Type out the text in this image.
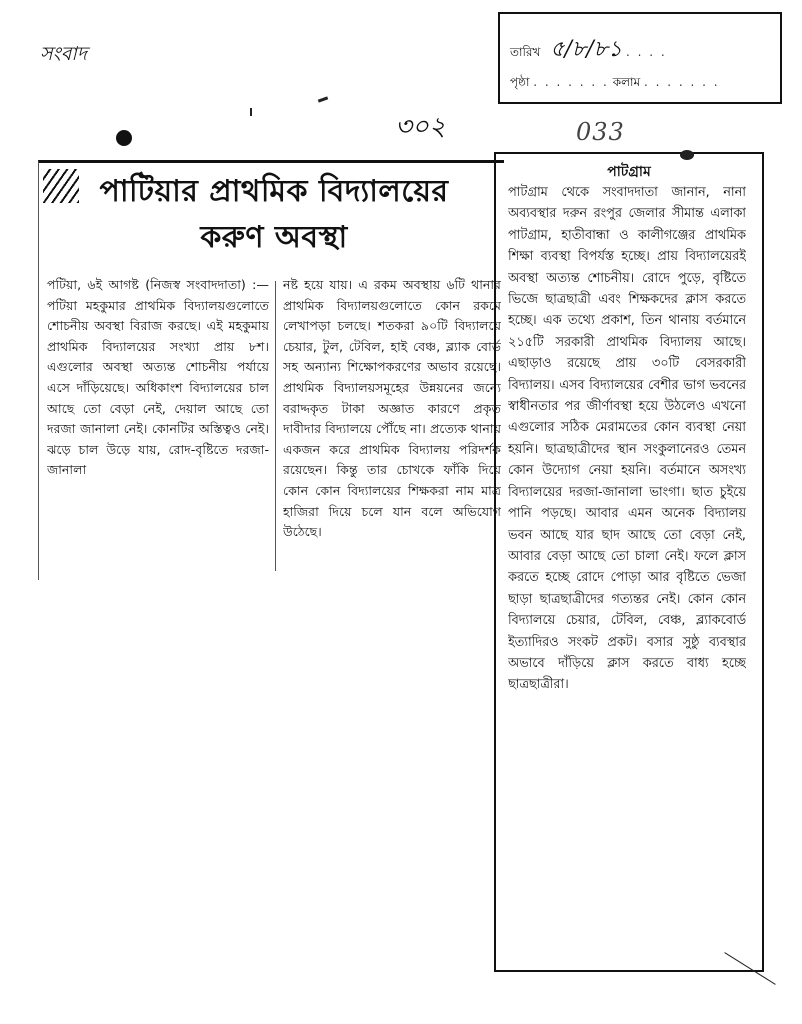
সংবাদ
৩০২	033
তারিখ ৫/৮/৮১ . . . .
পৃষ্ঠা . . . . . . . কলাম . . . . . . .
পাটিয়ার প্রাথমিক বিদ্যালয়ের করুণ অবস্থা
পটিয়া, ৬ই আগষ্ট (নিজস্ব সংবাদদাতা) :—পটিয়া মহকুমার প্রাথমিক বিদ্যালয়গুলোতে শোচনীয় অবস্থা বিরাজ করছে। এই মহকুমায় প্রাথমিক বিদ্যালয়ের সংখ্যা প্রায় ৮শ। এগুলোর অবস্থা অত্যন্ত শোচনীয় পর্যায়ে এসে দাঁড়িয়েছে। অধিকাংশ বিদ্যালয়ের চাল আছে তো বেড়া নেই, দেয়াল আছে তো দরজা জানালা নেই। কোনটির অস্তিত্বও নেই। ঝড়ে চাল উড়ে যায়, রোদ-বৃষ্টিতে দরজা-জানালা
নষ্ট হয়ে যায়। এ রকম অবস্থায় ৬টি থানার প্রাথমিক বিদ্যালয়গুলোতে কোন রকমে লেখাপড়া চলছে। শতকরা ৯০টি বিদ্যালয়ে চেয়ার, টুল, টেবিল, হাই বেঞ্চ, ব্ল্যাক বোর্ড সহ অন্যান্য শিক্ষোপকরণের অভাব রয়েছে। প্রাথমিক বিদ্যালয়সমূহের উন্নয়নের জন্যে বরাদ্দকৃত টাকা অজ্ঞাত কারণে প্রকৃত দাবীদার বিদ্যালয়ে পৌঁছে না। প্রত্যেক থানায় একজন করে প্রাথমিক বিদ্যালয় পরিদর্শক রয়েছেন। কিন্তু তার চোখকে ফাঁকি দিয়ে কোন কোন বিদ্যালয়ের শিক্ষকরা নাম মাত্র হাজিরা দিয়ে চলে যান বলে অভিযোগ উঠেছে।
পাটগ্রাম
পাটগ্রাম থেকে সংবাদদাতা জানান, নানা অব্যবস্থার দরুন রংপুর জেলার সীমান্ত এলাকা পাটগ্রাম, হাতীবান্ধা ও কালীগঞ্জের প্রাথমিক শিক্ষা ব্যবস্থা বিপর্যস্ত হচ্ছে। প্রায় বিদ্যালয়েরই অবস্থা অত্যন্ত শোচনীয়। রোদে পুড়ে, বৃষ্টিতে ভিজে ছাত্রছাত্রী এবং শিক্ষকদের ক্লাস করতে হচ্ছে। এক তথ্যে প্রকাশ, তিন থানায় বর্তমানে ২১৫টি সরকারী প্রাথমিক বিদ্যালয় আছে। এছাড়াও রয়েছে প্রায় ৩০টি বেসরকারী বিদ্যালয়। এসব বিদ্যালয়ের বেশীর ভাগ ভবনের স্বাধীনতার পর জীর্ণাবস্থা হয়ে উঠলেও এখনো এগুলোর সঠিক মেরামতের কোন ব্যবস্থা নেয়া হয়নি। ছাত্রছাত্রীদের স্থান সংকুলানেরও তেমন কোন উদ্যোগ নেয়া হয়নি। বর্তমানে অসংখ্য বিদ্যালয়ের দরজা-জানালা ভাংগা। ছাত চুইয়ে পানি পড়ছে। আবার এমন অনেক বিদ্যালয় ভবন আছে যার ছাদ আছে তো বেড়া নেই, আবার বেড়া আছে তো চালা নেই। ফলে ক্লাস করতে হচ্ছে রোদে পোড়া আর বৃষ্টিতে ভেজা ছাড়া ছাত্রছাত্রীদের গত্যন্তর নেই। কোন কোন বিদ্যালয়ে চেয়ার, টেবিল, বেঞ্চ, ব্ল্যাকবোর্ড ইত্যাদিরও সংকট প্রকট। বসার সুষ্ঠু ব্যবস্থার অভাবে দাঁড়িয়ে ক্লাস করতে বাধ্য হচ্ছে ছাত্রছাত্রীরা।
